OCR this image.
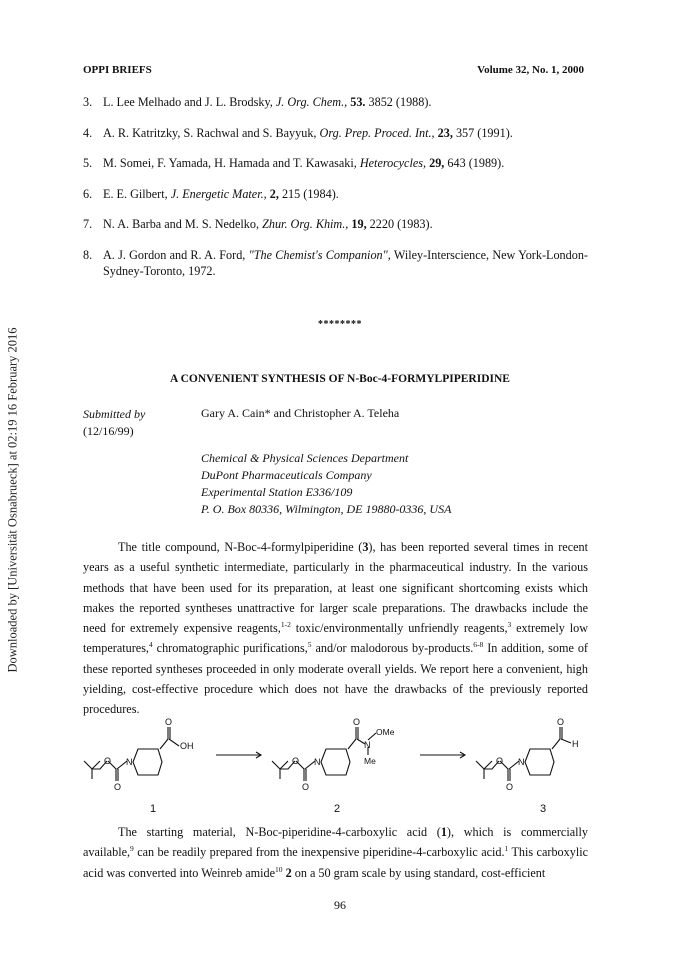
Downloaded by [Universität Osnabrueck] at 02:19 16 February 2016
OPPI BRIEFS	Volume 32, No. 1, 2000
3. L. Lee Melhado and J. L. Brodsky, J. Org. Chem., 53. 3852 (1988).
4. A. R. Katritzky, S. Rachwal and S. Bayyuk, Org. Prep. Proced. Int., 23, 357 (1991).
5. M. Somei, F. Yamada, H. Hamada and T. Kawasaki, Heterocycles, 29, 643 (1989).
6. E. E. Gilbert, J. Energetic Mater., 2, 215 (1984).
7. N. A. Barba and M. S. Nedelko, Zhur. Org. Khim., 19, 2220 (1983).
8. A. J. Gordon and R. A. Ford, "The Chemist's Companion", Wiley-Interscience, New York-London-Sydney-Toronto, 1972.
********
A CONVENIENT SYNTHESIS OF N-Boc-4-FORMYLPIPERIDINE
Submitted by
(12/16/99)
Gary A. Cain* and Christopher A. Teleha
Chemical & Physical Sciences Department
DuPont Pharmaceuticals Company
Experimental Station E336/109
P. O. Box 80336, Wilmington, DE 19880-0336, USA

The title compound, N-Boc-4-formylpiperidine (3), has been reported several times in recent years as a useful synthetic intermediate, particularly in the pharmaceutical industry. In the various methods that have been used for its preparation, at least one significant shortcoming exists which makes the reported syntheses unattractive for larger scale preparations. The drawbacks include the need for extremely expensive reagents,$^{1-2}$ toxic/environmentally unfriendly reagents,$^3$ extremely low temperatures,$^4$ chromatographic purifications,$^5$ and/or malodorous by-products.$^{6-8}$ In addition, some of these reported syntheses proceeded in only moderate overall yields. We report here a convenient, high yielding, cost-effective procedure which does not have the drawbacks of the previously reported procedures.

O N
O
O
OH
1
O N
O
O
N
OMe
Me
2
O N
O
O
H
3

The starting material, N-Boc-piperidine-4-carboxylic acid (1), which is commercially available,$^9$ can be readily prepared from the inexpensive piperidine-4-carboxylic acid.$^1$ This carboxylic acid was converted into Weinreb amide$^{10}$ 2 on a 50 gram scale by using standard, cost-efficient

96
